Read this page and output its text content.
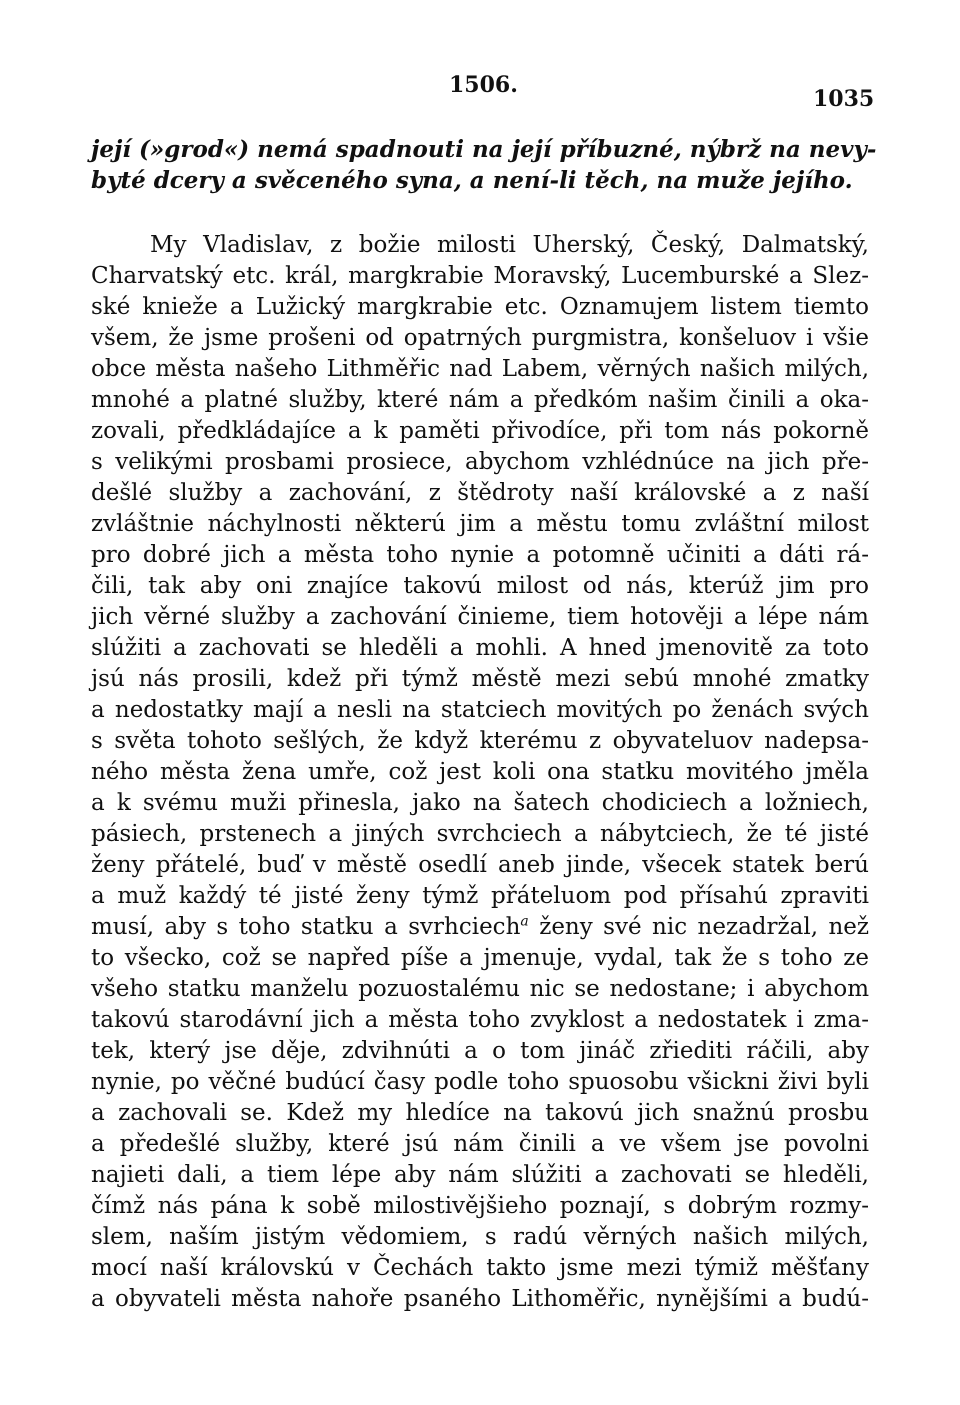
1506.
1035
její (»grod«) nemá spadnouti na její příbuzné, nýbrž na nevy-
byté dcery a svěceného syna, a není-li těch, na muže jejího.
My Vladislav, z božie milosti Uherský, Český, Dalmatský,
Charvatský etc. král, margkrabie Moravský, Lucemburské a Slez-
ské knieže a Lužický margkrabie etc. Oznamujem listem tiemto
všem, že jsme prošeni od opatrných purgmistra, konšeluov i všie
obce města našeho Lithměřic nad Labem, věrných našich milých,
mnohé a platné služby, které nám a předkóm našim činili a oka-
zovali, předkládajíce a k paměti přivodíce, při tom nás pokorně
s velikými prosbami prosiece, abychom vzhlédnúce na jich pře-
dešlé služby a zachování, z štědroty naší královské a z naší
zvláštnie náchylnosti některú jim a městu tomu zvláštní milost
pro dobré jich a města toho nynie a potomně učiniti a dáti rá-
čili, tak aby oni znajíce takovú milost od nás, kterúž jim pro
jich věrné služby a zachování činieme, tiem hotověji a lépe nám
slúžiti a zachovati se hleděli a mohli. A hned jmenovitě za toto
jsú nás prosili, kdež při týmž městě mezi sebú mnohé zmatky
a nedostatky mají a nesli na statciech movitých po ženách svých
s světa tohoto sešlých, že když kterému z obyvateluov nadepsa-
ného města žena umře, což jest koli ona statku movitého jměla
a k svému muži přinesla, jako na šatech chodiciech a ložniech,
pásiech, prstenech a jiných svrchciech a nábytciech, že té jisté
ženy přátelé, buď v městě osedlí aneb jinde, všecek statek berú
a muž každý té jisté ženy týmž přáteluom pod přísahú zpraviti
musí, aby s toho statku a svrhciech$^a$ ženy své nic nezadržal, než
to všecko, což se napřed píše a jmenuje, vydal, tak že s toho ze
všeho statku manželu pozuostalému nic se nedostane; i abychom
takovú starodávní jich a města toho zvyklost a nedostatek i zma-
tek, který jse děje, zdvihnúti a o tom jináč zřiediti ráčili, aby
nynie, po věčné budúcí časy podle toho spuosobu všickni živi byli
a zachovali se. Kdež my hledíce na takovú jich snažnú prosbu
a předešlé služby, které jsú nám činili a ve všem jse povolni
najieti dali, a tiem lépe aby nám slúžiti a zachovati se hleděli,
čímž nás pána k sobě milostivějšieho poznají, s dobrým rozmy-
slem, naším jistým vědomiem, s radú věrných našich milých,
mocí naší královskú v Čechách takto jsme mezi týmiž měšťany
a obyvateli města nahoře psaného Lithoměřic, nynějšími a budú-
